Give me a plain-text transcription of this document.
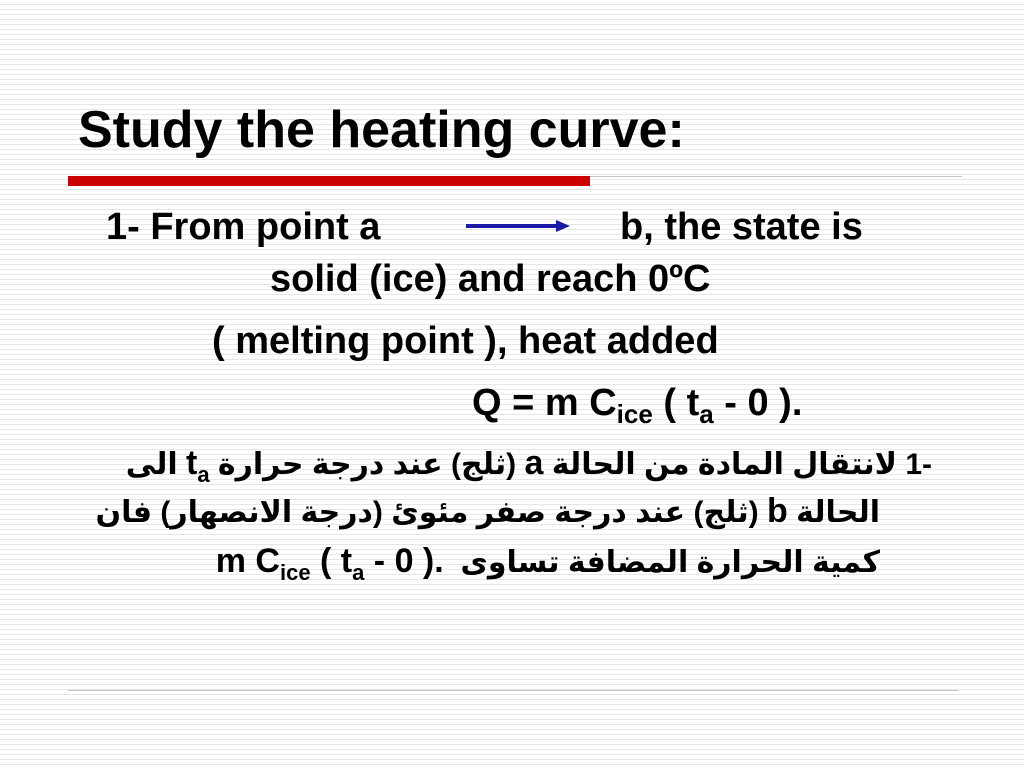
Study the heating curve:
1- From point a	b, the state is
solid (ice) and reach 0ºC
( melting point ), heat added
Q = m $C_{ice}$ ( $t_a - 0$ ).
-1 لانتقال المادة من الحالة a (ثلج) عند درجة حرارة $t_a$ الى
الحالة b (ثلج) عند درجة صفر مئوئ (درجة الانصهار) فان
كمية الحرارة المضافة تساوى  m $C_{ice}$ ( $t_a - 0$ ).
